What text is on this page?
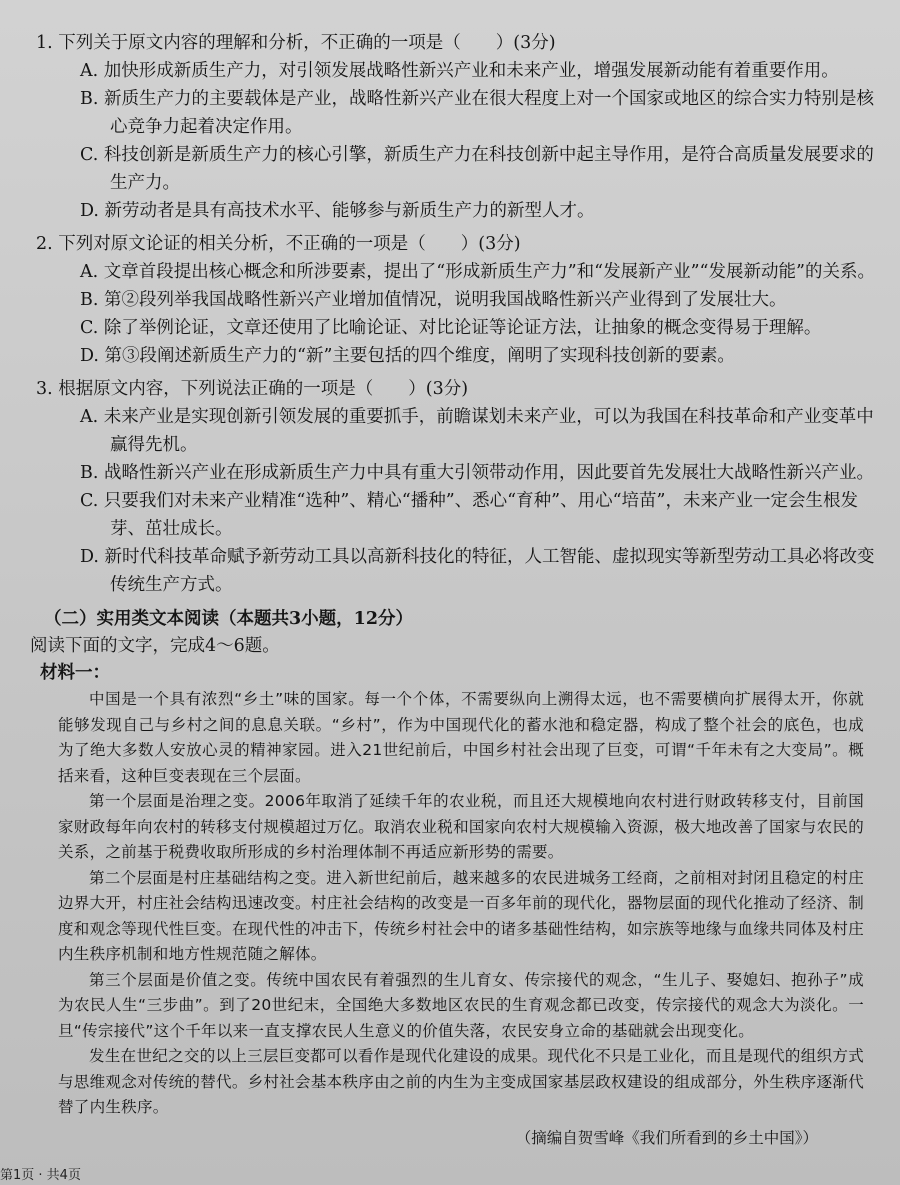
1. 下列关于原文内容的理解和分析，不正确的一项是（　　）(3分)
A. 加快形成新质生产力，对引领发展战略性新兴产业和未来产业，增强发展新动能有着重要作用。
B. 新质生产力的主要载体是产业，战略性新兴产业在很大程度上对一个国家或地区的综合实力特别是核心竞争力起着决定作用。
C. 科技创新是新质生产力的核心引擎，新质生产力在科技创新中起主导作用，是符合高质量发展要求的生产力。
D. 新劳动者是具有高技术水平、能够参与新质生产力的新型人才。
2. 下列对原文论证的相关分析，不正确的一项是（　　）(3分)
A. 文章首段提出核心概念和所涉要素，提出了“形成新质生产力”和“发展新产业”“发展新动能”的关系。
B. 第②段列举我国战略性新兴产业增加值情况，说明我国战略性新兴产业得到了发展壮大。
C. 除了举例论证，文章还使用了比喻论证、对比论证等论证方法，让抽象的概念变得易于理解。
D. 第③段阐述新质生产力的“新”主要包括的四个维度，阐明了实现科技创新的要素。
3. 根据原文内容，下列说法正确的一项是（　　）(3分)
A. 未来产业是实现创新引领发展的重要抓手，前瞻谋划未来产业，可以为我国在科技革命和产业变革中赢得先机。
B. 战略性新兴产业在形成新质生产力中具有重大引领带动作用，因此要首先发展壮大战略性新兴产业。
C. 只要我们对未来产业精准“选种”、精心“播种”、悉心“育种”、用心“培苗”，未来产业一定会生根发芽、茁壮成长。
D. 新时代科技革命赋予新劳动工具以高新科技化的特征，人工智能、虚拟现实等新型劳动工具必将改变传统生产方式。
（二）实用类文本阅读（本题共3小题，12分）
阅读下面的文字，完成4～6题。
材料一：
中国是一个具有浓烈“乡土”味的国家。每一个个体，不需要纵向上溯得太远，也不需要横向扩展得太开，你就能够发现自己与乡村之间的息息关联。“乡村”，作为中国现代化的蓄水池和稳定器，构成了整个社会的底色，也成为了绝大多数人安放心灵的精神家园。进入21世纪前后，中国乡村社会出现了巨变，可谓“千年未有之大变局”。概括来看，这种巨变表现在三个层面。
第一个层面是治理之变。2006年取消了延续千年的农业税，而且还大规模地向农村进行财政转移支付，目前国家财政每年向农村的转移支付规模超过万亿。取消农业税和国家向农村大规模输入资源，极大地改善了国家与农民的关系，之前基于税费收取所形成的乡村治理体制不再适应新形势的需要。
第二个层面是村庄基础结构之变。进入新世纪前后，越来越多的农民进城务工经商，之前相对封闭且稳定的村庄边界大开，村庄社会结构迅速改变。村庄社会结构的改变是一百多年前的现代化，器物层面的现代化推动了经济、制度和观念等现代性巨变。在现代性的冲击下，传统乡村社会中的诸多基础性结构，如宗族等地缘与血缘共同体及村庄内生秩序机制和地方性规范随之解体。
第三个层面是价值之变。传统中国农民有着强烈的生儿育女、传宗接代的观念，“生儿子、娶媳妇、抱孙子”成为农民人生“三步曲”。到了20世纪末，全国绝大多数地区农民的生育观念都已改变，传宗接代的观念大为淡化。一旦“传宗接代”这个千年以来一直支撑农民人生意义的价值失落，农民安身立命的基础就会出现变化。
发生在世纪之交的以上三层巨变都可以看作是现代化建设的成果。现代化不只是工业化，而且是现代的组织方式与思维观念对传统的替代。乡村社会基本秩序由之前的内生为主变成国家基层政权建设的组成部分，外生秩序逐渐代替了内生秩序。
（摘编自贺雪峰《我们所看到的乡土中国》）
第1页 · 共4页
